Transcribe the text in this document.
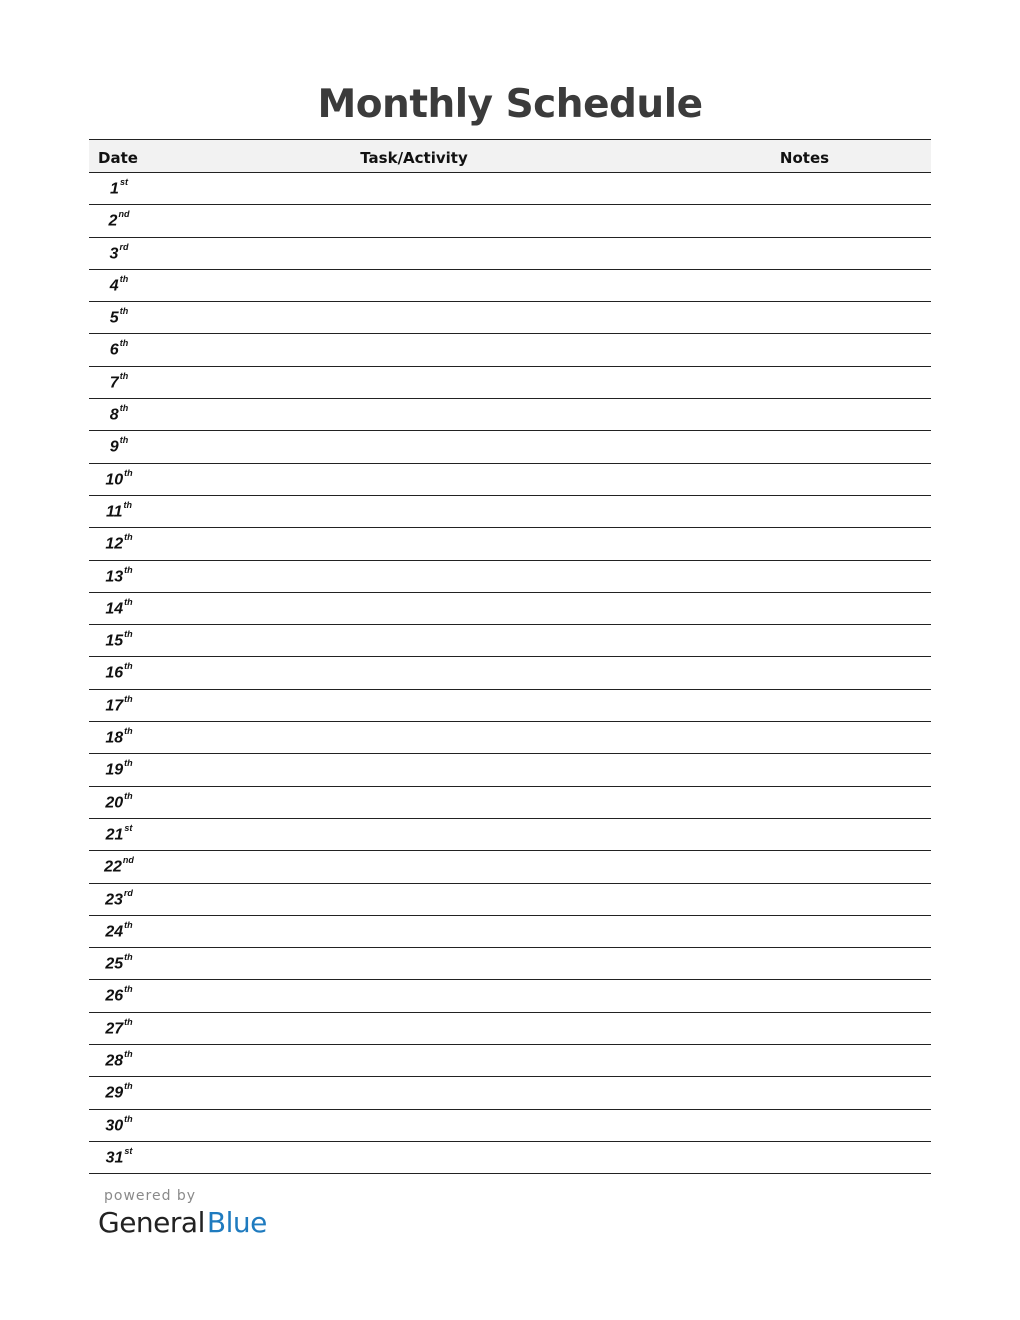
Monthly Schedule
Date	Task/Activity	Notes
1st
2nd
3rd
4th
5th
6th
7th
8th
9th
10th
11th
12th
13th
14th
15th
16th
17th
18th
19th
20th
21st
22nd
23rd
24th
25th
26th
27th
28th
29th
30th
31st
powered by
GeneralBlue
